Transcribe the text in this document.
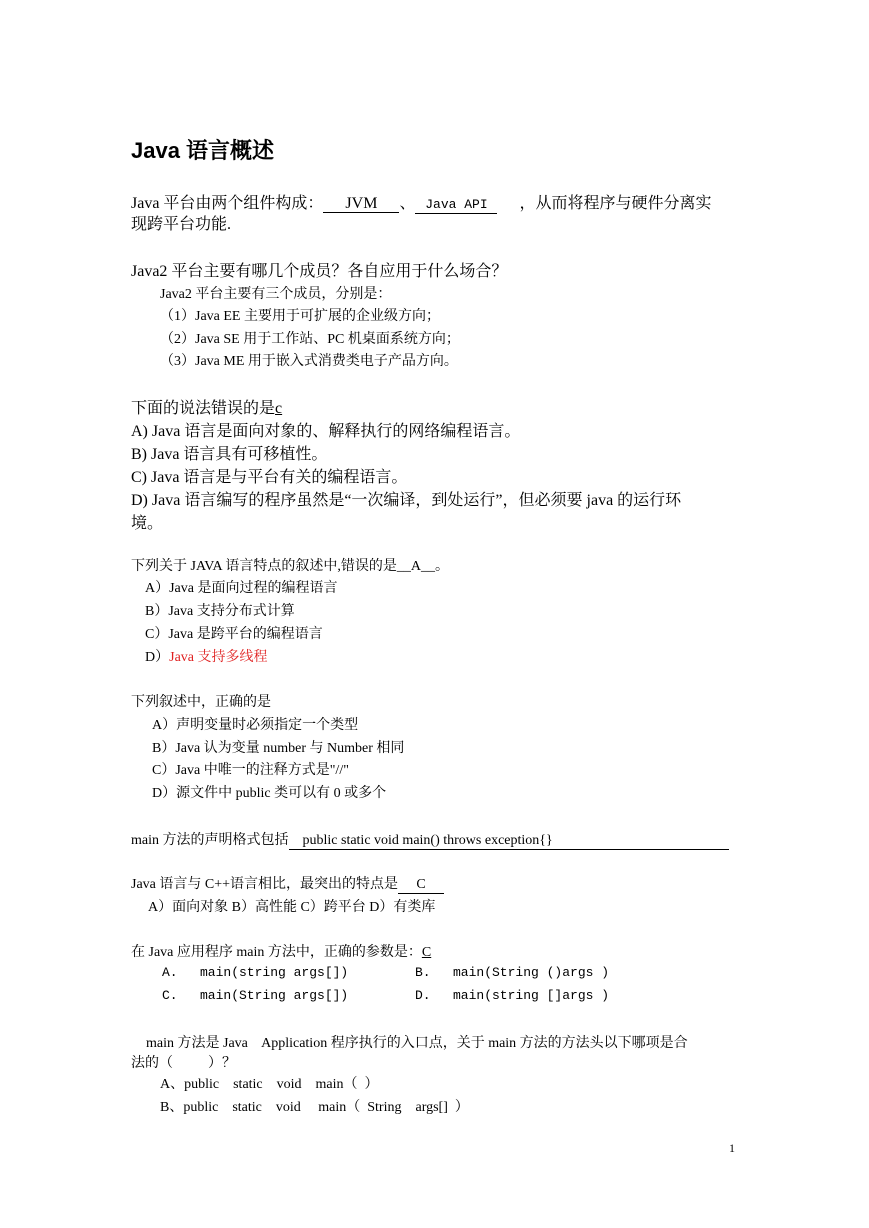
Java 语言概述
Java 平台由两个组件构成： JVM 、 Java API ，从而将程序与硬件分离实
现跨平台功能.
Java2 平台主要有哪几个成员？各自应用于什么场合？
Java2 平台主要有三个成员，分别是：
（1）Java EE 主要用于可扩展的企业级方向；
（2）Java SE 用于工作站、PC 机桌面系统方向；
（3）Java ME 用于嵌入式消费类电子产品方向。
下面的说法错误的是c
A) Java 语言是面向对象的、解释执行的网络编程语言。
B) Java 语言具有可移植性。
C) Java 语言是与平台有关的编程语言。
D) Java 语言编写的程序虽然是“一次编译，到处运行”，但必须要 java 的运行环
境。
下列关于 JAVA 语言特点的叙述中,错误的是__A__。
A）Java 是面向过程的编程语言
B）Java 支持分布式计算
C）Java 是跨平台的编程语言
D）Java 支持多线程
下列叙述中，正确的是
A）声明变量时必须指定一个类型
B）Java 认为变量 number 与 Number 相同
C）Java 中唯一的注释方式是"//"
D）源文件中 public 类可以有 0 或多个
main 方法的声明格式包括 public static void main() throws exception{}
Java 语言与 C++语言相比，最突出的特点是 C
A）面向对象 B）高性能 C）跨平台 D）有类库
在 Java 应用程序 main 方法中，正确的参数是：C
A. main(string args[])	B. main(String ()args )
C. main(String args[])	D. main(string []args )
main 方法是 Java    Application 程序执行的入口点，关于 main 方法的方法头以下哪项是合
法的（          ）？
A、public    static    void    main（  ）
B、public    static    void     main（  String    args[]  ）
1
